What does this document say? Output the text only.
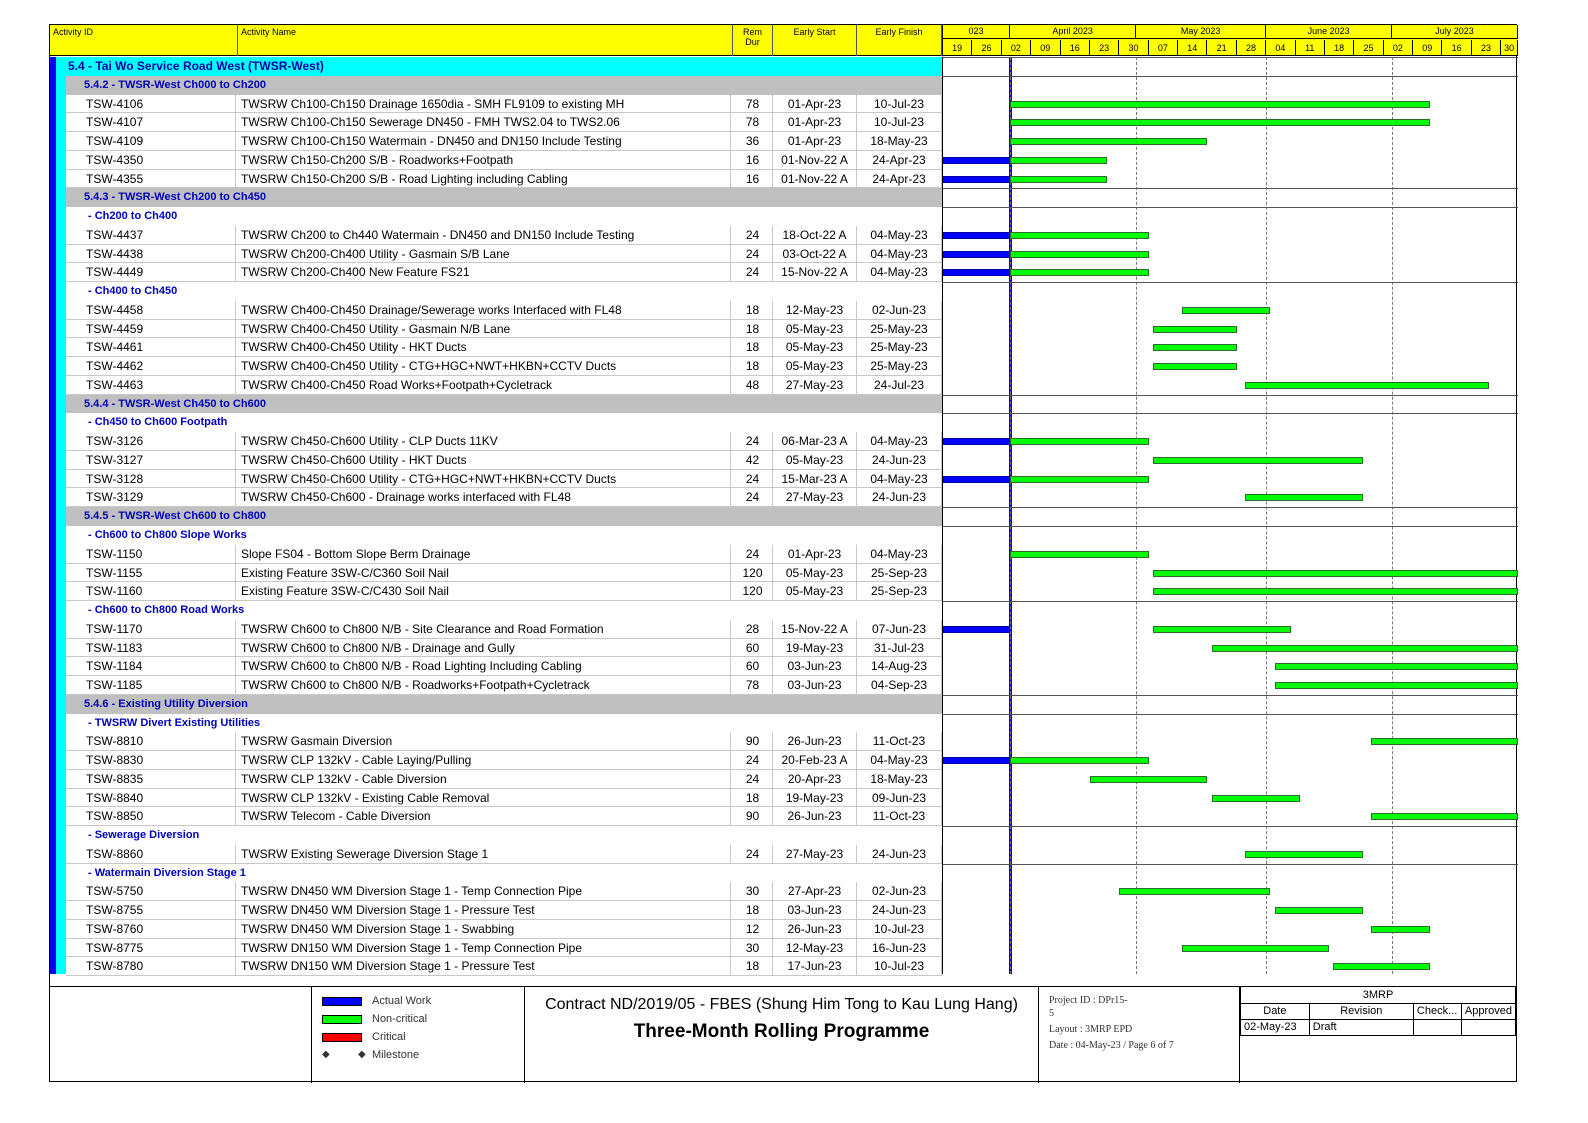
Activity ID	Activity Name	Rem Dur
Early Start	Early Finish	023	April 2023	May 2023	June 2023	July 2023
19	26	02	09	16	23	30	07	14	21	28	04	11	18	25	02	09	16	23	30
5.4 - Tai Wo Service Road West (TWSR-West)
5.4.2 - TWSR-West Ch000 to Ch200
TSW-4106	TWSRW Ch100-Ch150 Drainage 1650dia - SMH FL9109 to existing MH	78	01-Apr-23	10-Jul-23
TSW-4107	TWSRW Ch100-Ch150 Sewerage DN450 - FMH TWS2.04 to TWS2.06	78	01-Apr-23	10-Jul-23
TSW-4109	TWSRW Ch100-Ch150 Watermain - DN450 and DN150 Include Testing	36	01-Apr-23	18-May-23
TSW-4350	TWSRW Ch150-Ch200 S/B - Roadworks+Footpath	16	01-Nov-22 A	24-Apr-23
TSW-4355	TWSRW Ch150-Ch200 S/B - Road Lighting including Cabling	16	01-Nov-22 A	24-Apr-23
5.4.3 - TWSR-West Ch200 to Ch450
- Ch200 to Ch400
TSW-4437	TWSRW Ch200 to Ch440 Watermain - DN450 and DN150 Include Testing	24	18-Oct-22 A	04-May-23
TSW-4438	TWSRW Ch200-Ch400 Utility - Gasmain S/B Lane	24	03-Oct-22 A	04-May-23
TSW-4449	TWSRW Ch200-Ch400 New Feature FS21	24	15-Nov-22 A	04-May-23
- Ch400 to Ch450
TSW-4458	TWSRW Ch400-Ch450 Drainage/Sewerage works Interfaced with FL48	18	12-May-23	02-Jun-23
TSW-4459	TWSRW Ch400-Ch450 Utility - Gasmain N/B Lane	18	05-May-23	25-May-23
TSW-4461	TWSRW Ch400-Ch450 Utility - HKT Ducts	18	05-May-23	25-May-23
TSW-4462	TWSRW Ch400-Ch450 Utility - CTG+HGC+NWT+HKBN+CCTV Ducts	18	05-May-23	25-May-23
TSW-4463	TWSRW Ch400-Ch450 Road Works+Footpath+Cycletrack	48	27-May-23	24-Jul-23
5.4.4 - TWSR-West Ch450 to Ch600
- Ch450 to Ch600 Footpath
TSW-3126	TWSRW Ch450-Ch600 Utility - CLP Ducts 11KV	24	06-Mar-23 A	04-May-23
TSW-3127	TWSRW Ch450-Ch600 Utility - HKT Ducts	42	05-May-23	24-Jun-23
TSW-3128	TWSRW Ch450-Ch600 Utility - CTG+HGC+NWT+HKBN+CCTV Ducts	24	15-Mar-23 A	04-May-23
TSW-3129	TWSRW Ch450-Ch600 - Drainage works interfaced with FL48	24	27-May-23	24-Jun-23
5.4.5 - TWSR-West Ch600 to Ch800
- Ch600 to Ch800 Slope Works
TSW-1150	Slope FS04 - Bottom Slope Berm Drainage	24	01-Apr-23	04-May-23
TSW-1155	Existing Feature 3SW-C/C360 Soil Nail	120	05-May-23	25-Sep-23
TSW-1160	Existing Feature 3SW-C/C430 Soil Nail	120	05-May-23	25-Sep-23
- Ch600 to Ch800 Road Works
TSW-1170	TWSRW Ch600 to Ch800 N/B - Site Clearance and Road Formation	28	15-Nov-22 A	07-Jun-23
TSW-1183	TWSRW Ch600 to Ch800 N/B - Drainage and Gully	60	19-May-23	31-Jul-23
TSW-1184	TWSRW Ch600 to Ch800 N/B - Road Lighting Including Cabling	60	03-Jun-23	14-Aug-23
TSW-1185	TWSRW Ch600 to Ch800 N/B - Roadworks+Footpath+Cycletrack	78	03-Jun-23	04-Sep-23
5.4.6 - Existing Utility Diversion
- TWSRW Divert Existing Utilities
TSW-8810	TWSRW Gasmain Diversion	90	26-Jun-23	11-Oct-23
TSW-8830	TWSRW CLP 132kV - Cable Laying/Pulling	24	20-Feb-23 A	04-May-23
TSW-8835	TWSRW CLP 132kV - Cable Diversion	24	20-Apr-23	18-May-23
TSW-8840	TWSRW CLP 132kV - Existing Cable Removal	18	19-May-23	09-Jun-23
TSW-8850	TWSRW Telecom - Cable Diversion	90	26-Jun-23	11-Oct-23
- Sewerage Diversion
TSW-8860	TWSRW Existing Sewerage Diversion Stage 1	24	27-May-23	24-Jun-23
- Watermain Diversion Stage 1
TSW-5750	TWSRW DN450 WM Diversion Stage 1 - Temp Connection Pipe	30	27-Apr-23	02-Jun-23
TSW-8755	TWSRW DN450 WM Diversion Stage 1 - Pressure Test	18	03-Jun-23	24-Jun-23
TSW-8760	TWSRW DN450 WM Diversion Stage 1 - Swabbing	12	26-Jun-23	10-Jul-23
TSW-8775	TWSRW DN150 WM Diversion Stage 1 - Temp Connection Pipe	30	12-May-23	16-Jun-23
TSW-8780	TWSRW DN150 WM Diversion Stage 1 - Pressure Test	18	17-Jun-23	10-Jul-23
Actual Work
Non-critical
Critical
◆	◆ Milestone
Contract ND/2019/05 - FBES (Shung Him Tong to Kau Lung Hang)
Three-Month Rolling Programme
Project ID : DPr15-
5
Layout : 3MRP EPD
Date : 04-May-23 / Page 6 of 7
3MRP			
Date	Revision	Check...	Approved
02-May-23	Draft		
